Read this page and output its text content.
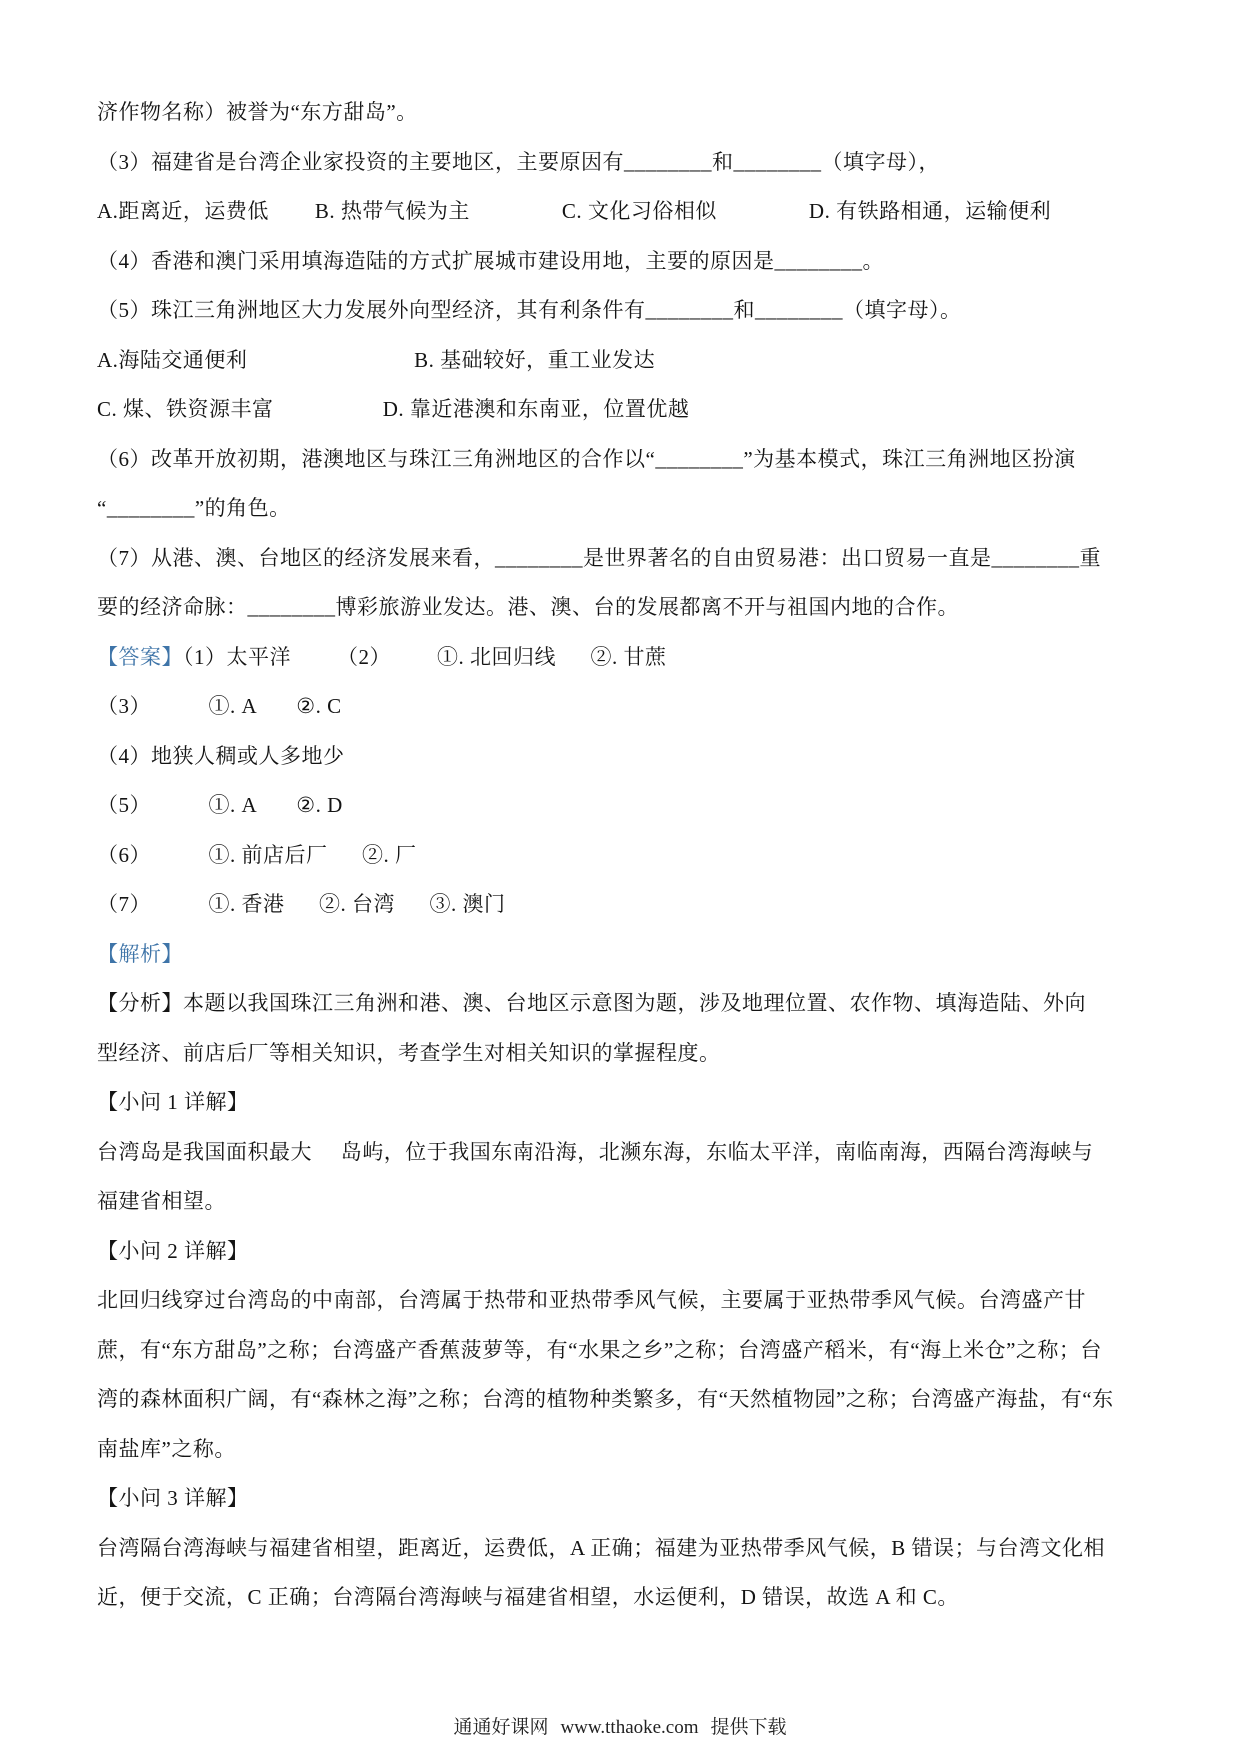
济作物名称）被誉为“东方甜岛”。
（3）福建省是台湾企业家投资的主要地区，主要原因有________和________（填字母），
A.距离近，运费低        B. 热带气候为主                C. 文化习俗相似                D. 有铁路相通，运输便利
（4）香港和澳门采用填海造陆的方式扩展城市建设用地，主要的原因是________。
（5）珠江三角洲地区大力发展外向型经济，其有利条件有________和________（填字母）。
A.海陆交通便利                             B. 基础较好，重工业发达
C. 煤、铁资源丰富                   D. 靠近港澳和东南亚，位置优越
（6）改革开放初期，港澳地区与珠江三角洲地区的合作以“________”为基本模式，珠江三角洲地区扮演
“________”的角色。
（7）从港、澳、台地区的经济发展来看，________是世界著名的自由贸易港：出口贸易一直是________重
要的经济命脉：________博彩旅游业发达。港、澳、台的发展都离不开与祖国内地的合作。
【答案】（1）太平洋        （2）        ①. 北回归线      ②. 甘蔗
（3）          ①. A       ②. C
（4）地狭人稠或人多地少
（5）          ①. A       ②. D
（6）          ①. 前店后厂      ②. 厂
（7）          ①. 香港      ②. 台湾      ③. 澳门
【解析】
【分析】本题以我国珠江三角洲和港、澳、台地区示意图为题，涉及地理位置、农作物、填海造陆、外向
型经济、前店后厂等相关知识，考查学生对相关知识的掌握程度。
【小问 1 详解】
台湾岛是我国面积最大     岛屿，位于我国东南沿海，北濒东海，东临太平洋，南临南海，西隔台湾海峡与
福建省相望。
【小问 2 详解】
北回归线穿过台湾岛的中南部，台湾属于热带和亚热带季风气候，主要属于亚热带季风气候。台湾盛产甘
蔗，有“东方甜岛”之称；台湾盛产香蕉菠萝等，有“水果之乡”之称；台湾盛产稻米，有“海上米仓”之称；台
湾的森林面积广阔，有“森林之海”之称；台湾的植物种类繁多，有“天然植物园”之称；台湾盛产海盐，有“东
南盐库”之称。
【小问 3 详解】
台湾隔台湾海峡与福建省相望，距离近，运费低，A 正确；福建为亚热带季风气候，B 错误；与台湾文化相
近，便于交流，C 正确；台湾隔台湾海峡与福建省相望，水运便利，D 错误，故选 A 和 C。
通通好课网 www.tthaoke.com 提供下载
